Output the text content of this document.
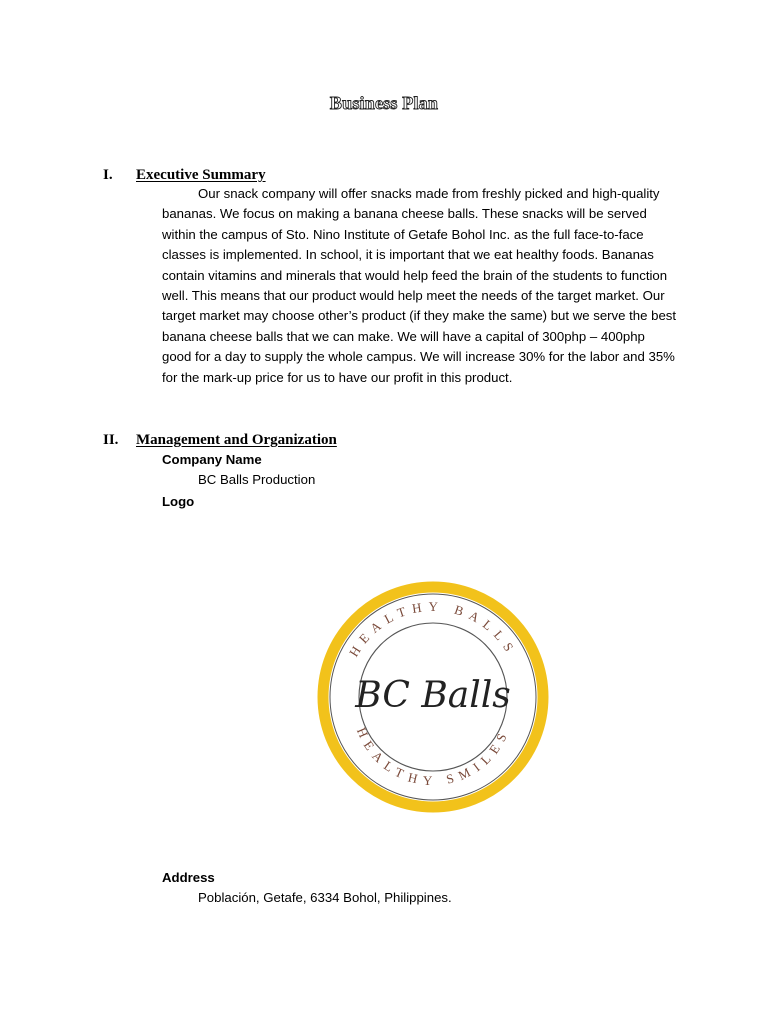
Business Plan
I. Executive Summary
Our snack company will offer snacks made from freshly picked and high-quality bananas. We focus on making a banana cheese balls. These snacks will be served within the campus of Sto. Nino Institute of Getafe Bohol Inc. as the full face-to-face classes is implemented. In school, it is important that we eat healthy foods. Bananas contain vitamins and minerals that would help feed the brain of the students to function well. This means that our product would help meet the needs of the target market. Our target market may choose other’s product (if they make the same) but we serve the best banana cheese balls that we can make. We will have a capital of 300php – 400php good for a day to supply the whole campus. We will increase 30% for the labor and 35% for the mark-up price for us to have our profit in this product.
II. Management and Organization
Company Name
BC Balls Production
Logo
HEALTHY BALLS
HEALTHY SMILES
BC Balls
Address
Población, Getafe, 6334 Bohol, Philippines.
